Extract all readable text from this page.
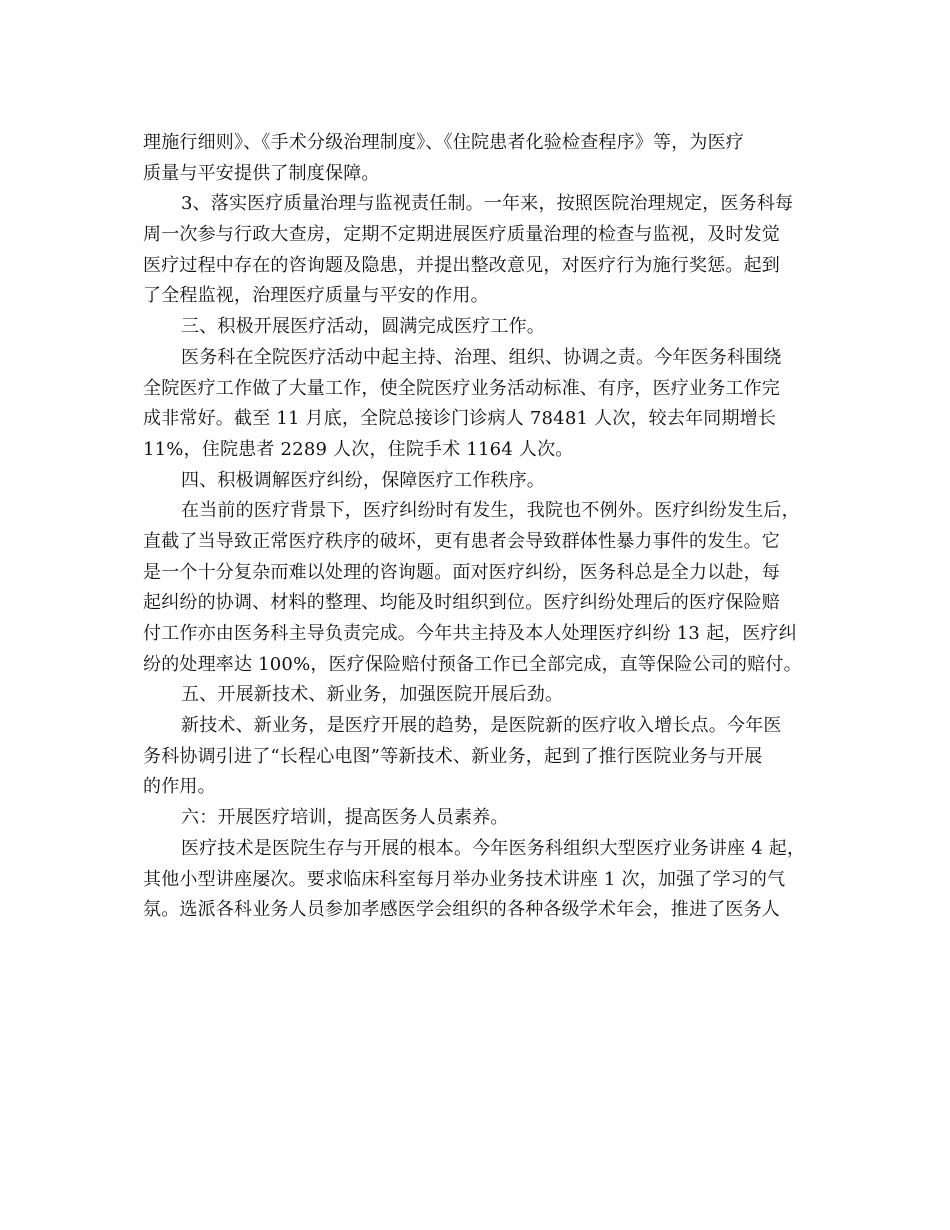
理施行细则》、《手术分级治理制度》、《住院患者化验检查程序》等，为医疗
质量与平安提供了制度保障。
3、落实医疗质量治理与监视责任制。一年来，按照医院治理规定，医务科每
周一次参与行政大查房，定期不定期进展医疗质量治理的检查与监视，及时发觉
医疗过程中存在的咨询题及隐患，并提出整改意见，对医疗行为施行奖惩。起到
了全程监视，治理医疗质量与平安的作用。
三、积极开展医疗活动，圆满完成医疗工作。
医务科在全院医疗活动中起主持、治理、组织、协调之责。今年医务科围绕
全院医疗工作做了大量工作，使全院医疗业务活动标准、有序，医疗业务工作完
成非常好。截至 11 月底，全院总接诊门诊病人 78481 人次，较去年同期增长
11%，住院患者 2289 人次，住院手术 1164 人次。
四、积极调解医疗纠纷，保障医疗工作秩序。
在当前的医疗背景下，医疗纠纷时有发生，我院也不例外。医疗纠纷发生后，
直截了当导致正常医疗秩序的破坏，更有患者会导致群体性暴力事件的发生。它
是一个十分复杂而难以处理的咨询题。面对医疗纠纷，医务科总是全力以赴，每
起纠纷的协调、材料的整理、均能及时组织到位。医疗纠纷处理后的医疗保险赔
付工作亦由医务科主导负责完成。今年共主持及本人处理医疗纠纷 13 起，医疗纠
纷的处理率达 100%，医疗保险赔付预备工作已全部完成，直等保险公司的赔付。
五、开展新技术、新业务，加强医院开展后劲。
新技术、新业务，是医疗开展的趋势，是医院新的医疗收入增长点。今年医
务科协调引进了“长程心电图”等新技术、新业务，起到了推行医院业务与开展
的作用。
六：开展医疗培训，提高医务人员素养。
医疗技术是医院生存与开展的根本。今年医务科组织大型医疗业务讲座 4 起，
其他小型讲座屡次。要求临床科室每月举办业务技术讲座 1 次，加强了学习的气
氛。选派各科业务人员参加孝感医学会组织的各种各级学术年会，推进了医务人
